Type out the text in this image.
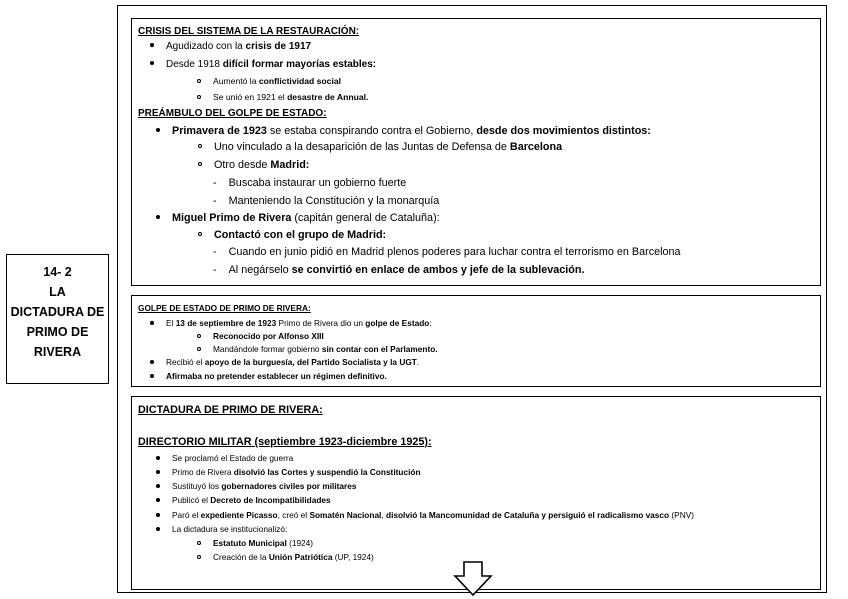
14- 2
LA
DICTADURA DE
PRIMO DE
RIVERA
CRISIS DEL SISTEMA DE LA RESTAURACIÓN:
Agudizado con la crisis de 1917
Desde 1918 difícil formar mayorías estables:
Aumentó la conflictividad social
Se unió en 1921 el desastre de Annual.
PREÁMBULO DEL GOLPE DE ESTADO:
Primavera de 1923 se estaba conspirando contra el Gobierno, desde dos movimientos distintos:
Uno vinculado a la desaparición de las Juntas de Defensa de Barcelona
Otro desde Madrid:
- Buscaba instaurar un gobierno fuerte
- Manteniendo la Constitución y la monarquía
Miguel Primo de Rivera (capitán general de Cataluña):
Contactó con el grupo de Madrid:
- Cuando en junio pidió en Madrid plenos poderes para luchar contra el terrorismo en Barcelona
- Al negárselo se convirtió en enlace de ambos y jefe de la sublevación.
GOLPE DE ESTADO DE PRIMO DE RIVERA:
El 13 de septiembre de 1923 Primo de Rivera dio un golpe de Estado:
Reconocido por Alfonso XIII
Mandándole formar gobierno sin contar con el Parlamento.
Recibió el apoyo de la burguesía, del Partido Socialista y la UGT.
Afirmaba no pretender establecer un régimen definitivo.
DICTADURA DE PRIMO DE RIVERA:
DIRECTORIO MILITAR (septiembre 1923-diciembre 1925):
Se proclamó el Estado de guerra
Primo de Rivera disolvió las Cortes y suspendió la Constitución
Sustituyó los gobernadores civiles por militares
Publicó el Decreto de Incompatibilidades
Paró el expediente Picasso, creó el Somatén Nacional, disolvió la Mancomunidad de Cataluña y persiguió el radicalismo vasco (PNV)
La dictadura se institucionalizó:
Estatuto Municipal (1924)
Creación de la Unión Patriótica (UP, 1924)
